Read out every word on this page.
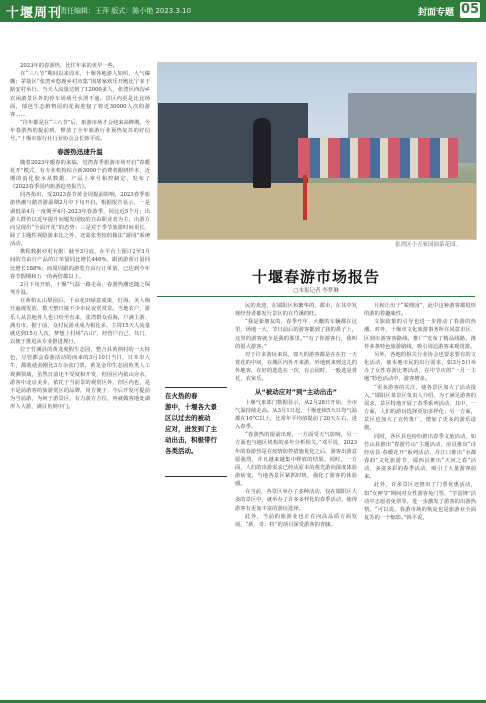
十堰周刊
责任编辑：王萍 版式：陈小艳 2023.3.10	封面专题 05

2023年的春游热，比往年来的更早一些。

在“三八节”期间以来周末，十堰各地游人如织，人气爆棚；茅箭区“张湾乡悠鹿乡村市集”围堵家欢乐开跑比宁多于路安村举行。当天人流量达到了12000多人，张湾区西沟乡农闲游景区外的停车场场号水泄不通。景区内更是比比场面，郁芭生态植物园的花海迎接了将近30000人次的游客……

“往年都是在“三八节”后，旅游市场才会迎来高峰期。今年春游热的提前到，释放了全年旅游行业预热复苏的好信号。”十堰市旅行社行业协会会长韩平说。

春游热迅速升温

随着2023年暖春的来临，党湾春季旅游市场开启“春暖花开”模式，有专业机构综合新3000个消费者跟研样本，近期的消化胶水从数据，产品上掌号和控制定，发布了《2023春季国内旅游趋势报告》。

同各指出，受2023春节黄金周提前影响，2023春季旅游热潮与踏青游温期2月中下旬开启。根据报告显示，一是调低第4月一度期至4月-2023年春游季，同比近5个月；出游人群仍以近年提升问题发现较的自由职业者为主，出游方向呈现出“全面开花”的态势；三是对于季节旅游时间更长，除了主题性视隐游来比之外，还需张类较的做法“游园”系统活动。

携程数据亦更有据：截至3月底，在平台上预订2至3月间的自由行产品的订单量同比增长446%，跟团游预订量同比增长188%；而周周跟的游览自由行订单量，已达到今年春节假期和五一的两倍都以上。

2月下旬开始，十堰“气温一路走高，春游热潮也随之保驾升温。

在黄柏太山梨园后，千亩花田绿意成染，灯海，美人梅开遍漫发放，数天整日接不少市民夜赏赏景。当地农户，游乐人从首地外人也口纷至沓来，张湾群众看海，户满主游、满有市、据于前，众村民游业成为相比多。主周15天人流量就达到15万人次，梦想上村场“古山”，经营户自己、其门，以便于推进从专业推进规行。

位于竹溪县的黄龙度假生态园，整合县黄荆村的一大特色，尽管都会春游活动的而来的3月10日当日，日本市人牛，都收使劲刚比3万余张门票。黄龙金印生态园鱼类人工观测领域，虽然日前还不受度和开发，但因区内依山旁水，游客中北京美业，依托于当前景的观赏区外，但区内也，是不是前游客的旅游赏区的品牌，用方便于，今后开发可提前为当前游，为何于游景区，有力游方方位，再就做客地处湖形人大游，满目鱼到中门。

张湾区小五家园油菜花园。
十堰春游市场报告
□本报记者 李梦琳
在火热的春
游中，十堰各大景
区以过去的被动
应对，迸发到了主
动出击，积极带行
各类活动。

民的欢迎，在郧阳区和繁华的，都市，在其中发现经营者都发行景区的在竹溪的旺。

“我是新朋友的，春季开年、大概的车辆都在这里，场地一大，节日前后的游客都到了我的鼻子上，这里的游客就全是我的那里。”“有了你游客行，我叫的很大游客。”

对于许多游玩来说，郊天的游客都是在在打一天赏花的中间，在城区内外开来游，外地到来到这儿的外地客，在好的选选在一次，有公园时，一般选是赏花，农家乐。

从“被动应对”到“主动出击”

十堰气象部门数据显示，从2月28日开始，全市气温持续走高。从3月1日起，十堰连续5天日均气温都在10°C以上，比常年平均值提前了20天左右，进入春季。

“春游热的提前出现，一方面受天气影响，另一方面也与地区机构的多年分析相关。”邓平说，2023年的春游热是在疫情防控措施优化之后，游客出游意愿强烈，并且越来越集中释放的结果。同时，一方面，人们的出游需求已经从原本的观光游向深度体验游转变，当地各景区紧抓时机，强化了游客的体验感。

在当前，各景区举办了多种活动，仅在郧阳区大多的景区中，就举办了许多多样化的春季活动，使得游客有更加丰富的游玩选择。

此外，当前的旅游业也正在向高品质方面发展，“新、奇、特”的项目深受游客的青睐。

月和让出于“萦绕园”，此中这种游客都很快的游的着趣味性。

文旅政策的引导也进一步推动了春游的热潮。对外，十堰市文化旅游事务所在同意市区、区到市游客客路线，推广“发布了精品线路，推荐多条特色旅游路线，吸引周边游客来观赏游。

另外，各地的相关行业协会也要求要有的文化活动，使本地市民的出行需求，如3月5日举办了女性春游比赛活动，在中节庆的“一月一主题”特色活动中，游客增多。

“更多游客的关注，使各景区加大了活动投入，”郧阳区某景区负责人介绍，为了满足游客的需求，景区特地开展了春季系列活动，其中，一方面，人们的游玩选择更加多样化；另一方面，景区也加大了宣传推广，增加了更多的游乐设施。

同时，各区县也纷纷推出春季文旅活动，如竹山县推出“春游竹山”主题活动，房县推出“诗经房县·春暖花开”系列活动，丹江口推出“水都春韵”文化旅游节，郧西县推出“天河之春”活动，多姿多彩的春季活动，吸引了大量游客前来。

此外，许多景区还推出了门票优惠活动，如“女神节”期间对女性游客免门票，“学雷锋”活动中志愿者免票等，进一步激发了游客的出游热情。“可以说，春游市场的恢复也是旅游业全面复苏的一个缩影。”韩平说。
